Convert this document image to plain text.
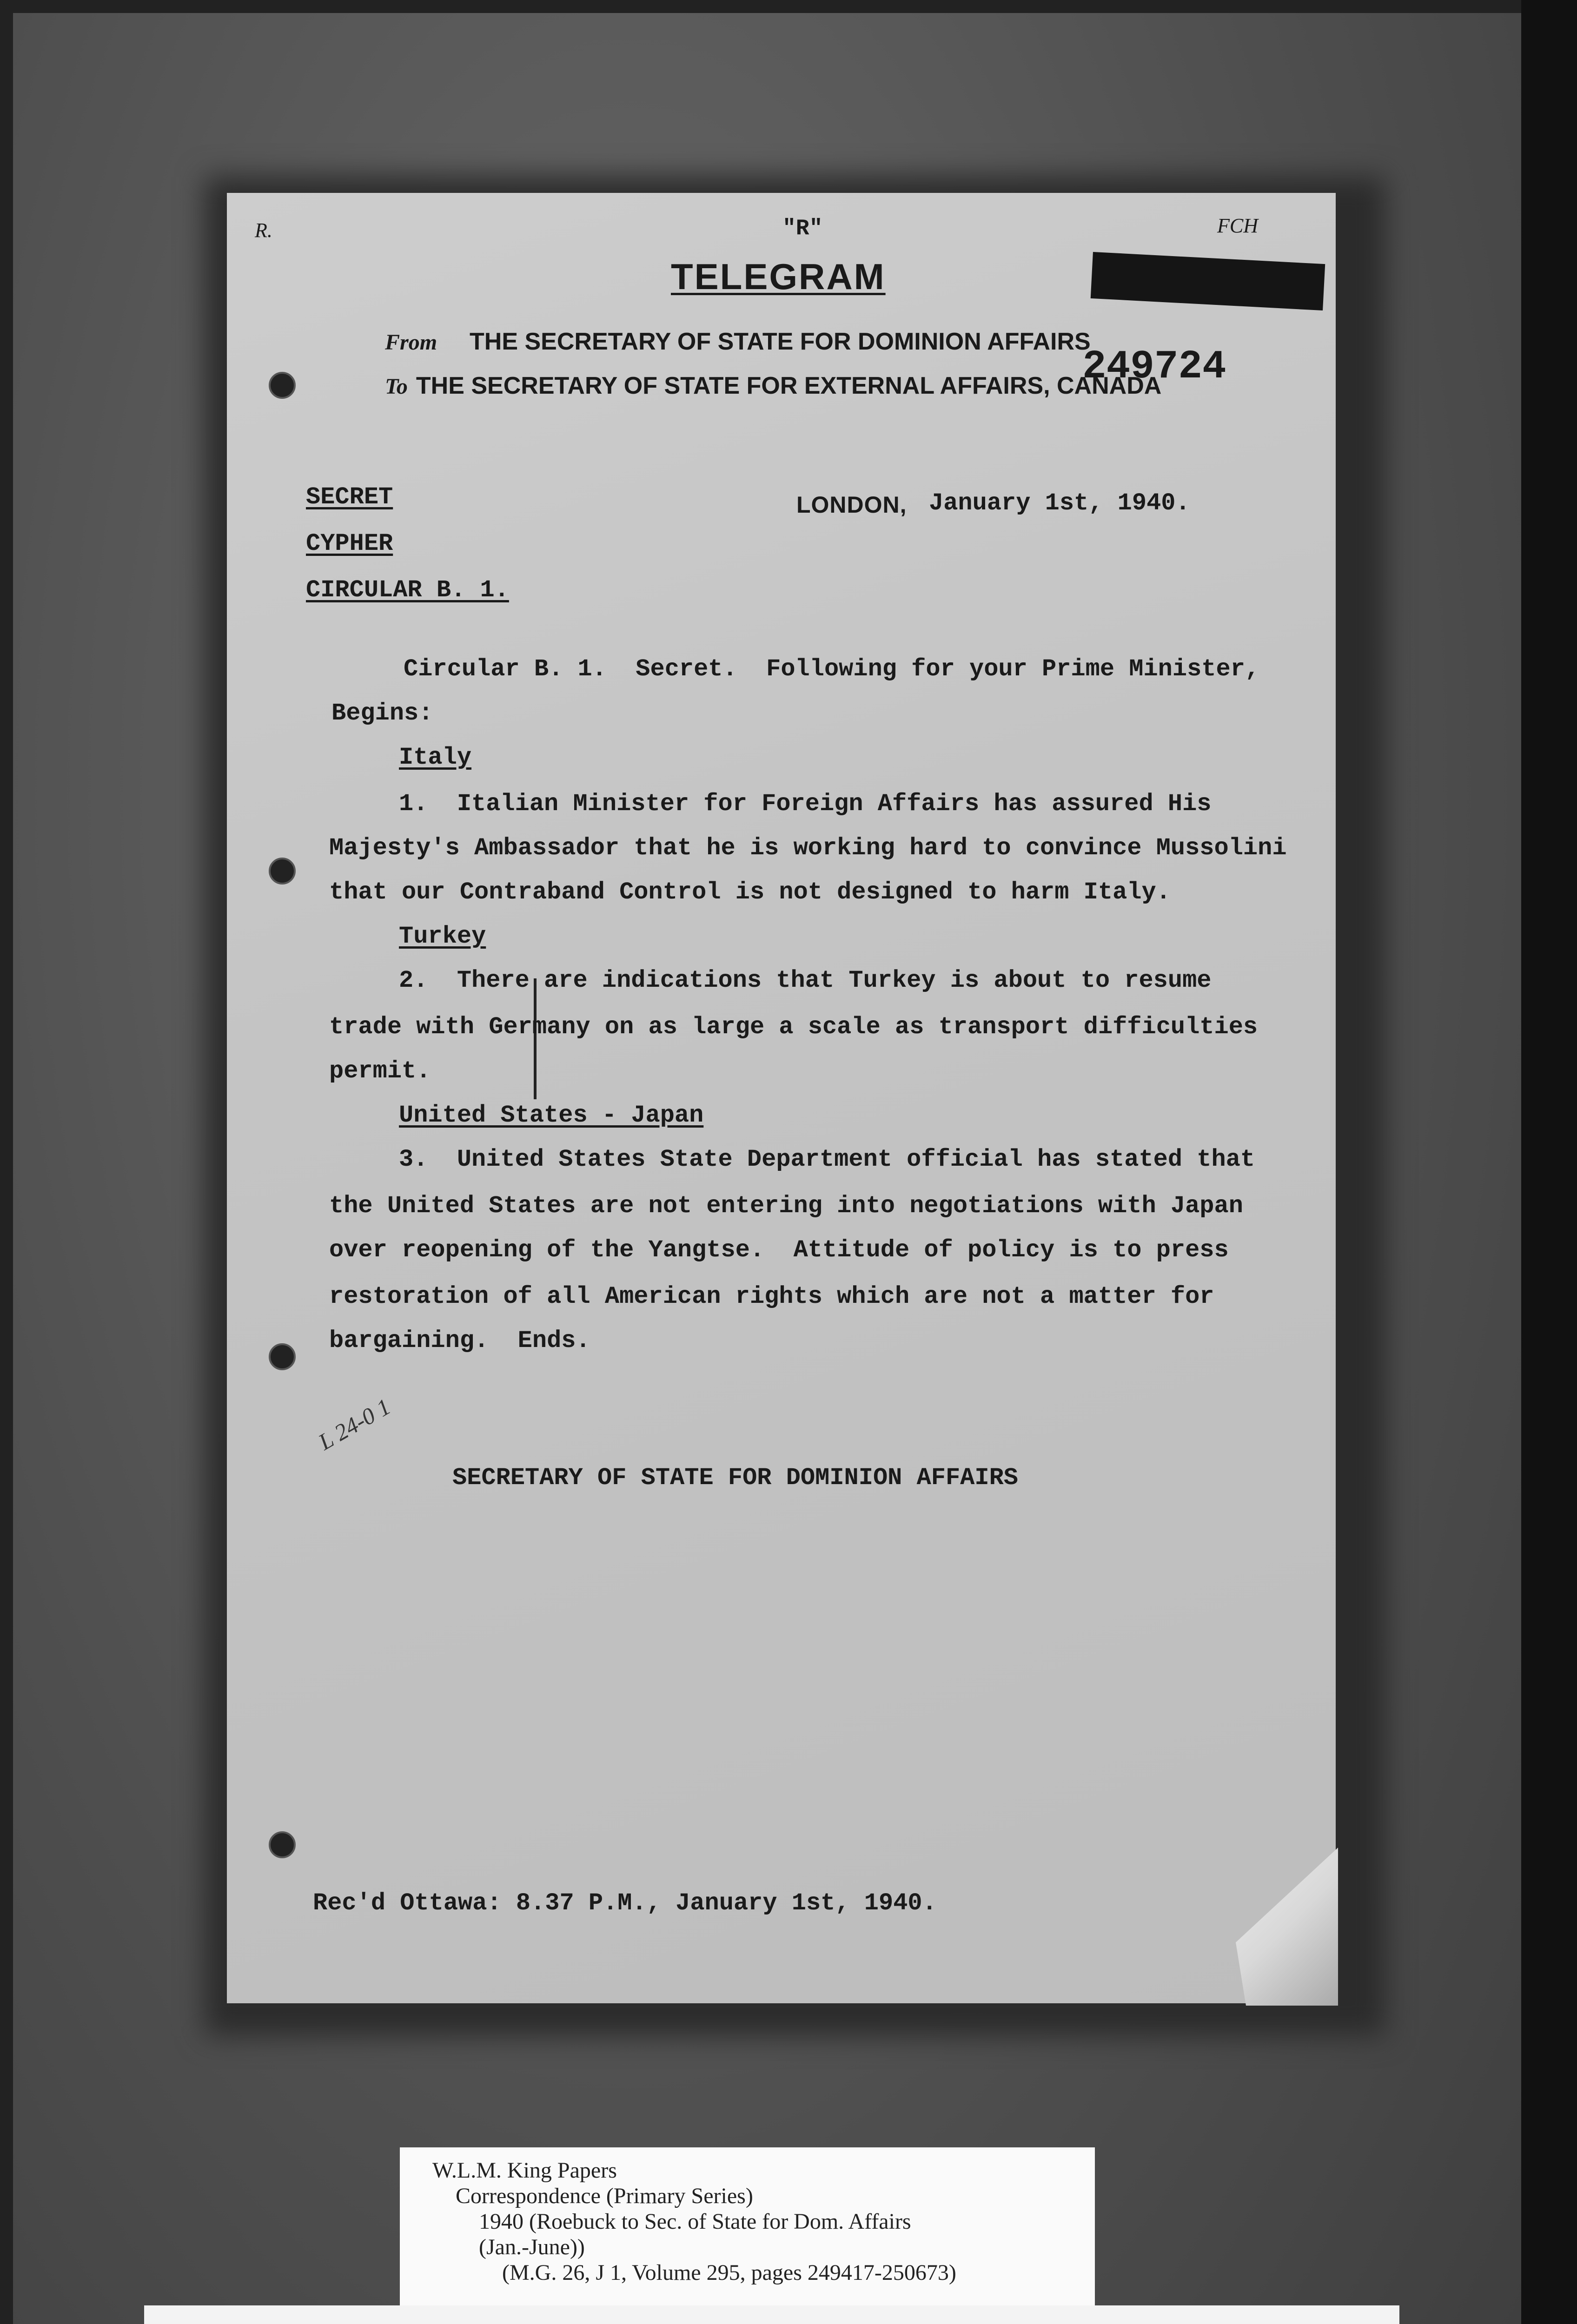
R.	FCH
"R"
TELEGRAM
From THE SECRETARY OF STATE FOR DOMINION AFFAIRS
To THE SECRETARY OF STATE FOR EXTERNAL AFFAIRS, CANADA
249724
SECRET
CYPHER
CIRCULAR B. 1.
LONDON, January 1st, 1940.
Circular B. 1.  Secret.  Following for your Prime Minister,
Begins:
Italy
1.  Italian Minister for Foreign Affairs has assured His
Majesty's Ambassador that he is working hard to convince Mussolini
that our Contraband Control is not designed to harm Italy.
Turkey
2.  There are indications that Turkey is about to resume
trade with Germany on as large a scale as transport difficulties
permit.
United States - Japan
3.  United States State Department official has stated that
the United States are not entering into negotiations with Japan
over reopening of the Yangtse.  Attitude of policy is to press
restoration of all American rights which are not a matter for
bargaining.  Ends.
L 24-0 1
SECRETARY OF STATE FOR DOMINION AFFAIRS
Rec'd Ottawa: 8.37 P.M., January 1st, 1940.
W.L.M. King Papers
Correspondence (Primary Series)
1940 (Roebuck to Sec. of State for Dom. Affairs
(Jan.-June))
(M.G. 26, J 1, Volume 295, pages 249417-250673)
